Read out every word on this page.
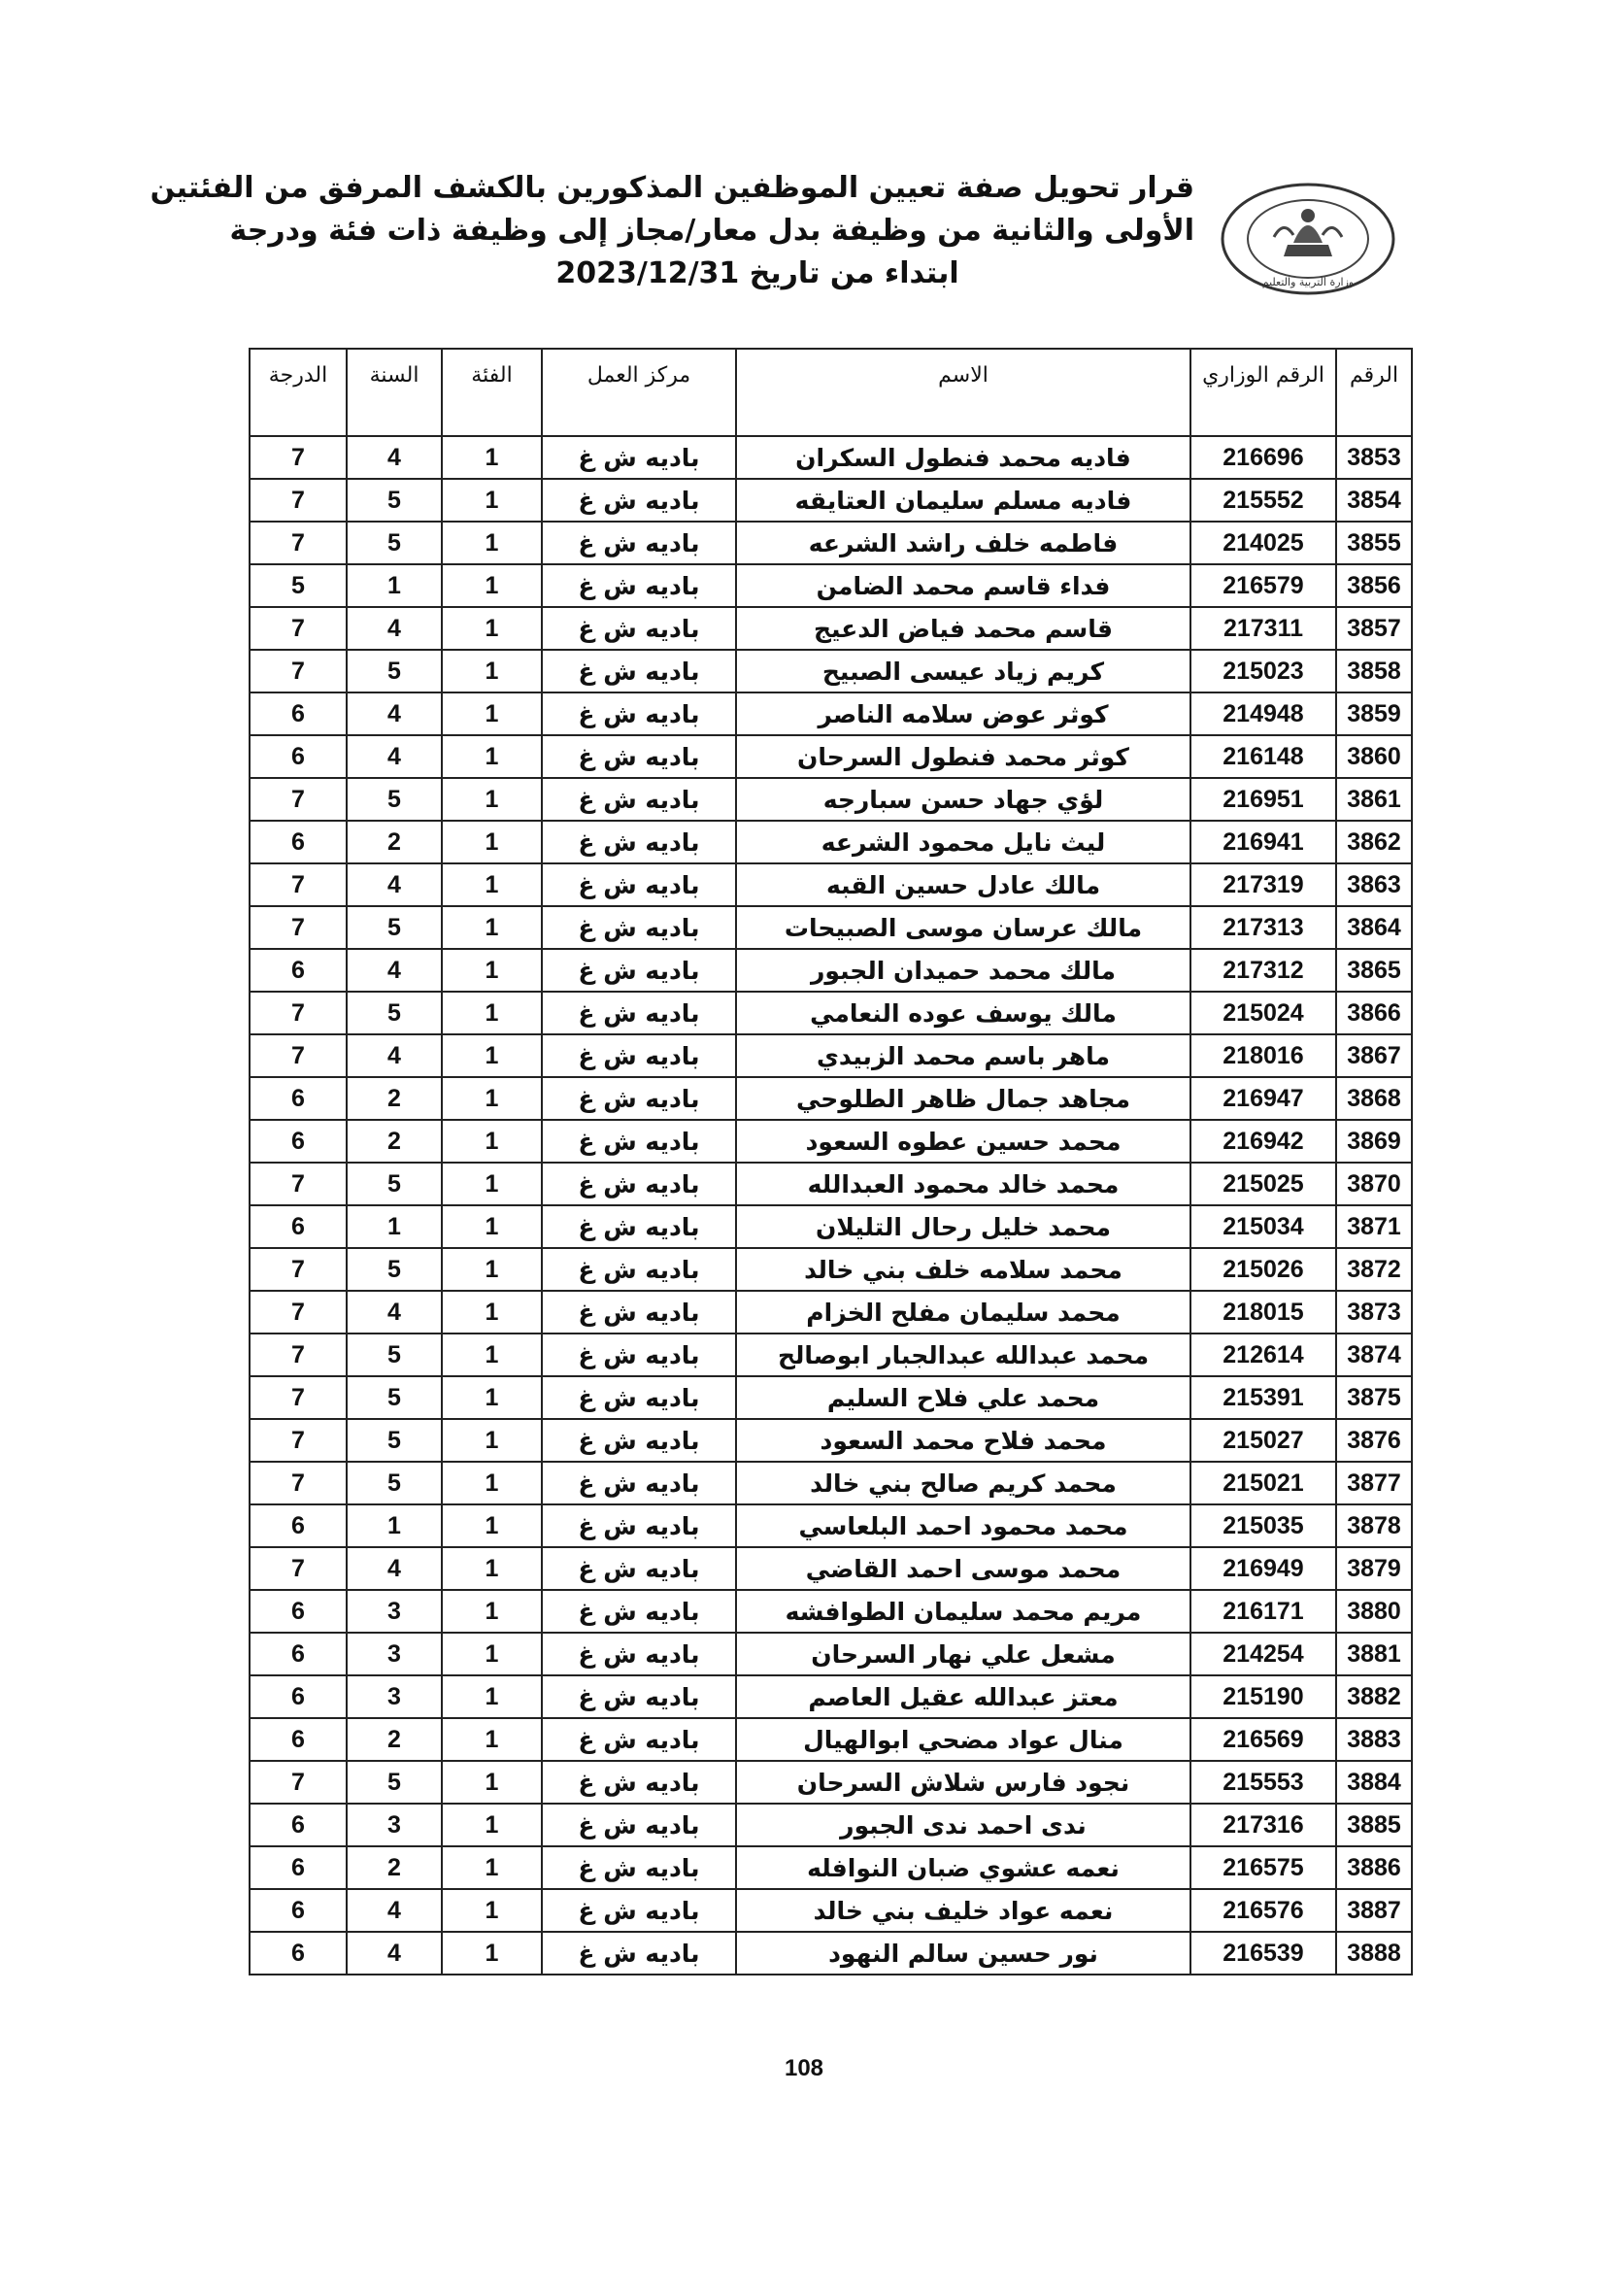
وزارة التربية والتعليم
قرار تحويل صفة تعيين الموظفين المذكورين بالكشف المرفق من الفئتين
الأولى والثانية من وظيفة بدل معار/مجاز إلى وظيفة ذات فئة ودرجة
ابتداء من تاريخ 2023/12/31
الرقم	الرقم الوزاري	الاسم	مركز العمل	الفئة	السنة	الدرجة
3853	216696	فاديه محمد فنطول السكران	باديه ش غ	1	4	7
3854	215552	فاديه مسلم سليمان العتايقه	باديه ش غ	1	5	7
3855	214025	فاطمه خلف راشد الشرعه	باديه ش غ	1	5	7
3856	216579	فداء قاسم محمد الضامن	باديه ش غ	1	1	5
3857	217311	قاسم محمد فياض الدعيج	باديه ش غ	1	4	7
3858	215023	كريم زياد عيسى الصبيح	باديه ش غ	1	5	7
3859	214948	كوثر عوض سلامه الناصر	باديه ش غ	1	4	6
3860	216148	كوثر محمد فنطول السرحان	باديه ش غ	1	4	6
3861	216951	لؤي جهاد حسن سبارجه	باديه ش غ	1	5	7
3862	216941	ليث نايل محمود الشرعه	باديه ش غ	1	2	6
3863	217319	مالك عادل حسين القبه	باديه ش غ	1	4	7
3864	217313	مالك عرسان موسى الصبيحات	باديه ش غ	1	5	7
3865	217312	مالك محمد حميدان الجبور	باديه ش غ	1	4	6
3866	215024	مالك يوسف عوده النعامي	باديه ش غ	1	5	7
3867	218016	ماهر باسم محمد الزبيدي	باديه ش غ	1	4	7
3868	216947	مجاهد جمال ظاهر الطلوحي	باديه ش غ	1	2	6
3869	216942	محمد حسين عطوه السعود	باديه ش غ	1	2	6
3870	215025	محمد خالد محمود العبدالله	باديه ش غ	1	5	7
3871	215034	محمد خليل رحال التليلان	باديه ش غ	1	1	6
3872	215026	محمد سلامه خلف بني خالد	باديه ش غ	1	5	7
3873	218015	محمد سليمان مفلح الخزام	باديه ش غ	1	4	7
3874	212614	محمد عبدالله عبدالجبار ابوصالح	باديه ش غ	1	5	7
3875	215391	محمد علي فلاح السليم	باديه ش غ	1	5	7
3876	215027	محمد فلاح محمد السعود	باديه ش غ	1	5	7
3877	215021	محمد كريم صالح بني خالد	باديه ش غ	1	5	7
3878	215035	محمد محمود احمد البلعاسي	باديه ش غ	1	1	6
3879	216949	محمد موسى احمد القاضي	باديه ش غ	1	4	7
3880	216171	مريم محمد سليمان الطوافشه	باديه ش غ	1	3	6
3881	214254	مشعل علي نهار السرحان	باديه ش غ	1	3	6
3882	215190	معتز عبدالله عقيل العاصم	باديه ش غ	1	3	6
3883	216569	منال عواد مضحي ابوالهيال	باديه ش غ	1	2	6
3884	215553	نجود فارس شلاش السرحان	باديه ش غ	1	5	7
3885	217316	ندى احمد ندى الجبور	باديه ش غ	1	3	6
3886	216575	نعمه عشوي ضبان النوافله	باديه ش غ	1	2	6
3887	216576	نعمه عواد خليف بني خالد	باديه ش غ	1	4	6
3888	216539	نور حسين سالم النهود	باديه ش غ	1	4	6
108
